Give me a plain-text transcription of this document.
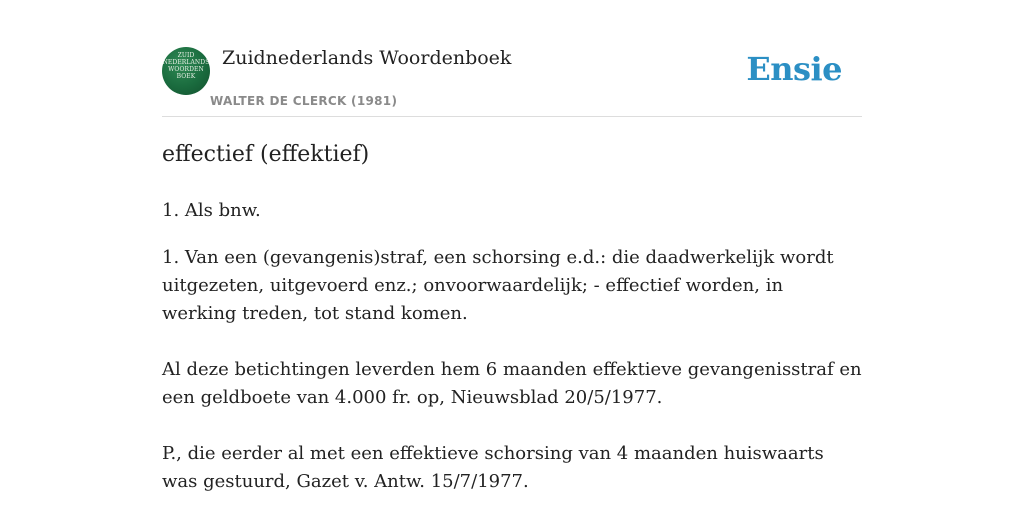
ZUID
NEDERLANDS
WOORDEN
BOEK
Zuidnederlands Woordenboek
WALTER DE CLERCK (1981)
Ensie
effectief (effektief)
1. Als bnw.

1. Van een (gevangenis)straf, een schorsing e.d.: die daadwerkelijk wordt uitgezeten, uitgevoerd enz.; onvoorwaardelijk; - effectief worden, in werking treden, tot stand komen.

Al deze betichtingen leverden hem 6 maanden effektieve gevangenisstraf en een geldboete van 4.000 fr. op, Nieuwsblad 20/5/1977.

P., die eerder al met een effektieve schorsing van 4 maanden huiswaarts was gestuurd, Gazet v. Antw. 15/7/1977.
